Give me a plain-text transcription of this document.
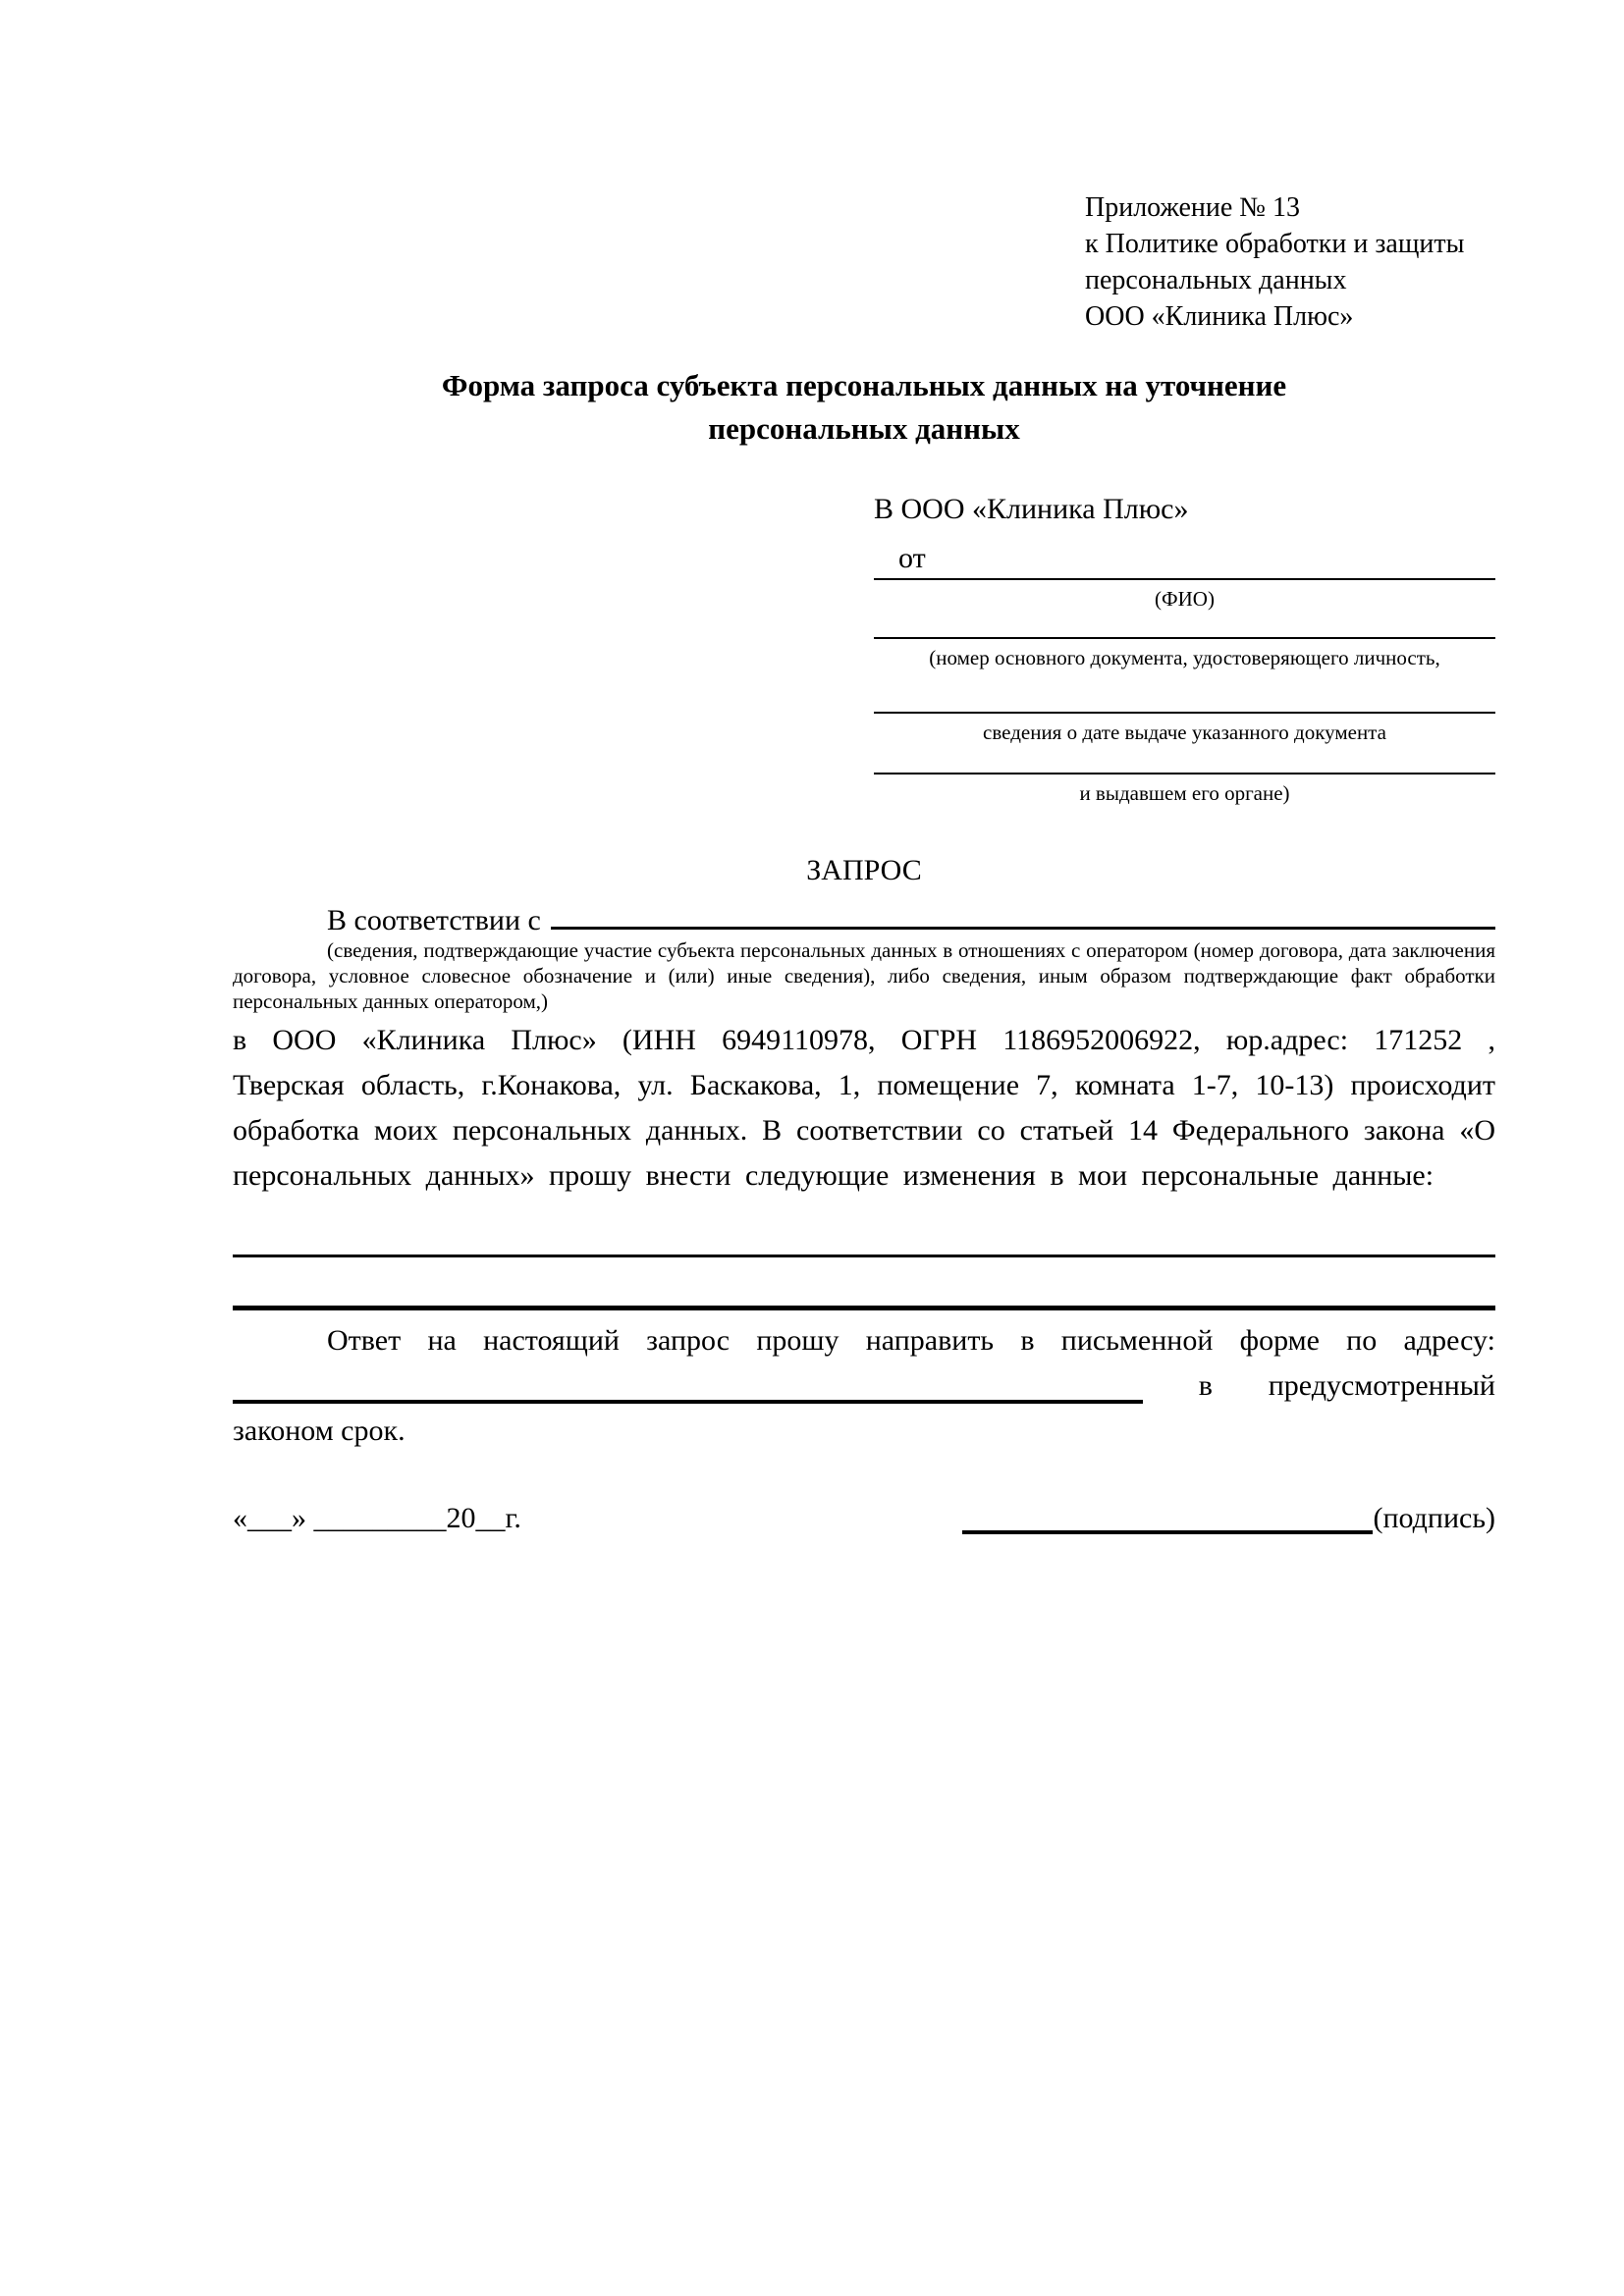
Приложение № 13
к Политике обработки и защиты
персональных данных
ООО «Клиника Плюс»
Форма запроса субъекта персональных данных на уточнение
персональных данных
В ООО «Клиника Плюс»
от
(ФИО)
(номер основного документа, удостоверяющего личность,
сведения о дате выдаче указанного документа
и выдавшем его органе)
ЗАПРОС
В соответствии с
(сведения, подтверждающие участие субъекта персональных данных в отношениях с оператором (номер договора, дата заключения договора, условное словесное обозначение и (или) иные сведения), либо сведения, иным образом подтверждающие факт обработки персональных данных оператором,)
в ООО «Клиника Плюс» (ИНН 6949110978, ОГРН 1186952006922, юр.адрес: 171252 , Тверская область, г.Конакова, ул. Баскакова, 1, помещение 7, комната 1-7, 10-13) происходит обработка моих персональных данных. В соответствии со статьей 14 Федерального закона «О персональных данных» прошу внести следующие изменения в мои персональные данные:
Ответ на настоящий запрос прошу направить в письменной форме по адресу:
в предусмотренный
законом срок.
«___» _________20__г.	(подпись)
